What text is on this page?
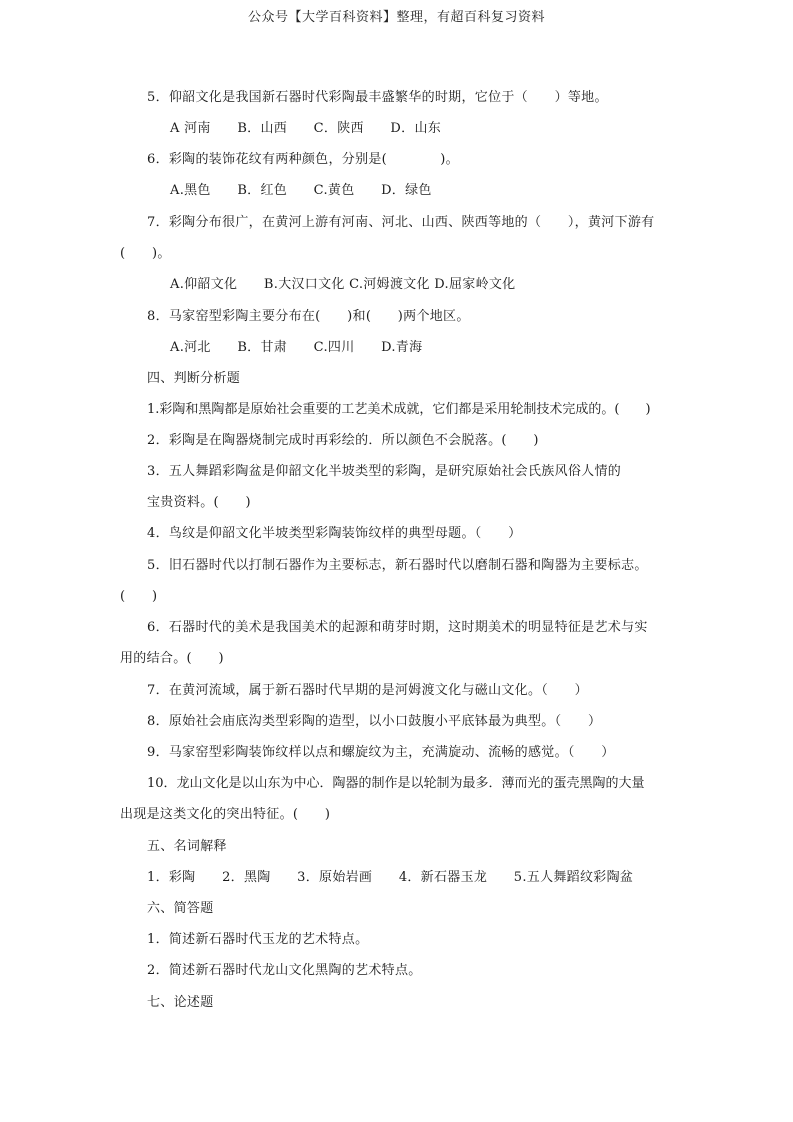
公众号【大学百科资料】整理，有超百科复习资料
5．仰韶文化是我国新石器时代彩陶最丰盛繁华的时期，它位于（　　）等地。
A 河南　　B．山西　　C．陕西　　D．山东
6．彩陶的装饰花纹有两种颜色，分别是(　　　　)。
A.黑色　　B．红色　　C.黄色　　D．绿色
7．彩陶分布很广，在黄河上游有河南、河北、山西、陕西等地的（　　），黄河下游有
(　　)。
A.仰韶文化　　B.大汉口文化 C.河姆渡文化 D.屈家岭文化
8．马家窑型彩陶主要分布在(　　)和(　　)两个地区。
A.河北　　B．甘肃　　C.四川　　D.青海
四、判断分析题
1.彩陶和黑陶都是原始社会重要的工艺美术成就，它们都是采用轮制技术完成的。(　　)
2．彩陶是在陶器烧制完成时再彩绘的．所以颜色不会脱落。(　　)
3．五人舞蹈彩陶盆是仰韶文化半坡类型的彩陶，是研究原始社会氏族风俗人情的
宝贵资料。(　　)
4．鸟纹是仰韶文化半坡类型彩陶装饰纹样的典型母题。（　　）
5．旧石器时代以打制石器作为主要标志，新石器时代以磨制石器和陶器为主要标志。
(　　)
6．石器时代的美术是我国美术的起源和萌芽时期，这时期美术的明显特征是艺术与实
用的结合。(　　)
7．在黄河流域，属于新石器时代早期的是河姆渡文化与磁山文化。（　　）
8．原始社会庙底沟类型彩陶的造型，以小口鼓腹小平底钵最为典型。（　　）
9．马家窑型彩陶装饰纹样以点和螺旋纹为主，充满旋动、流畅的感觉。（　　）
10．龙山文化是以山东为中心．陶器的制作是以轮制为最多．薄而光的蛋壳黑陶的大量
出现是这类文化的突出特征。(　　)
五、名词解释
1．彩陶　　2．黑陶　　3．原始岩画　　4．新石器玉龙　　5.五人舞蹈纹彩陶盆
六、简答题
1．简述新石器时代玉龙的艺术特点。
2．简述新石器时代龙山文化黑陶的艺术特点。
七、论述题
